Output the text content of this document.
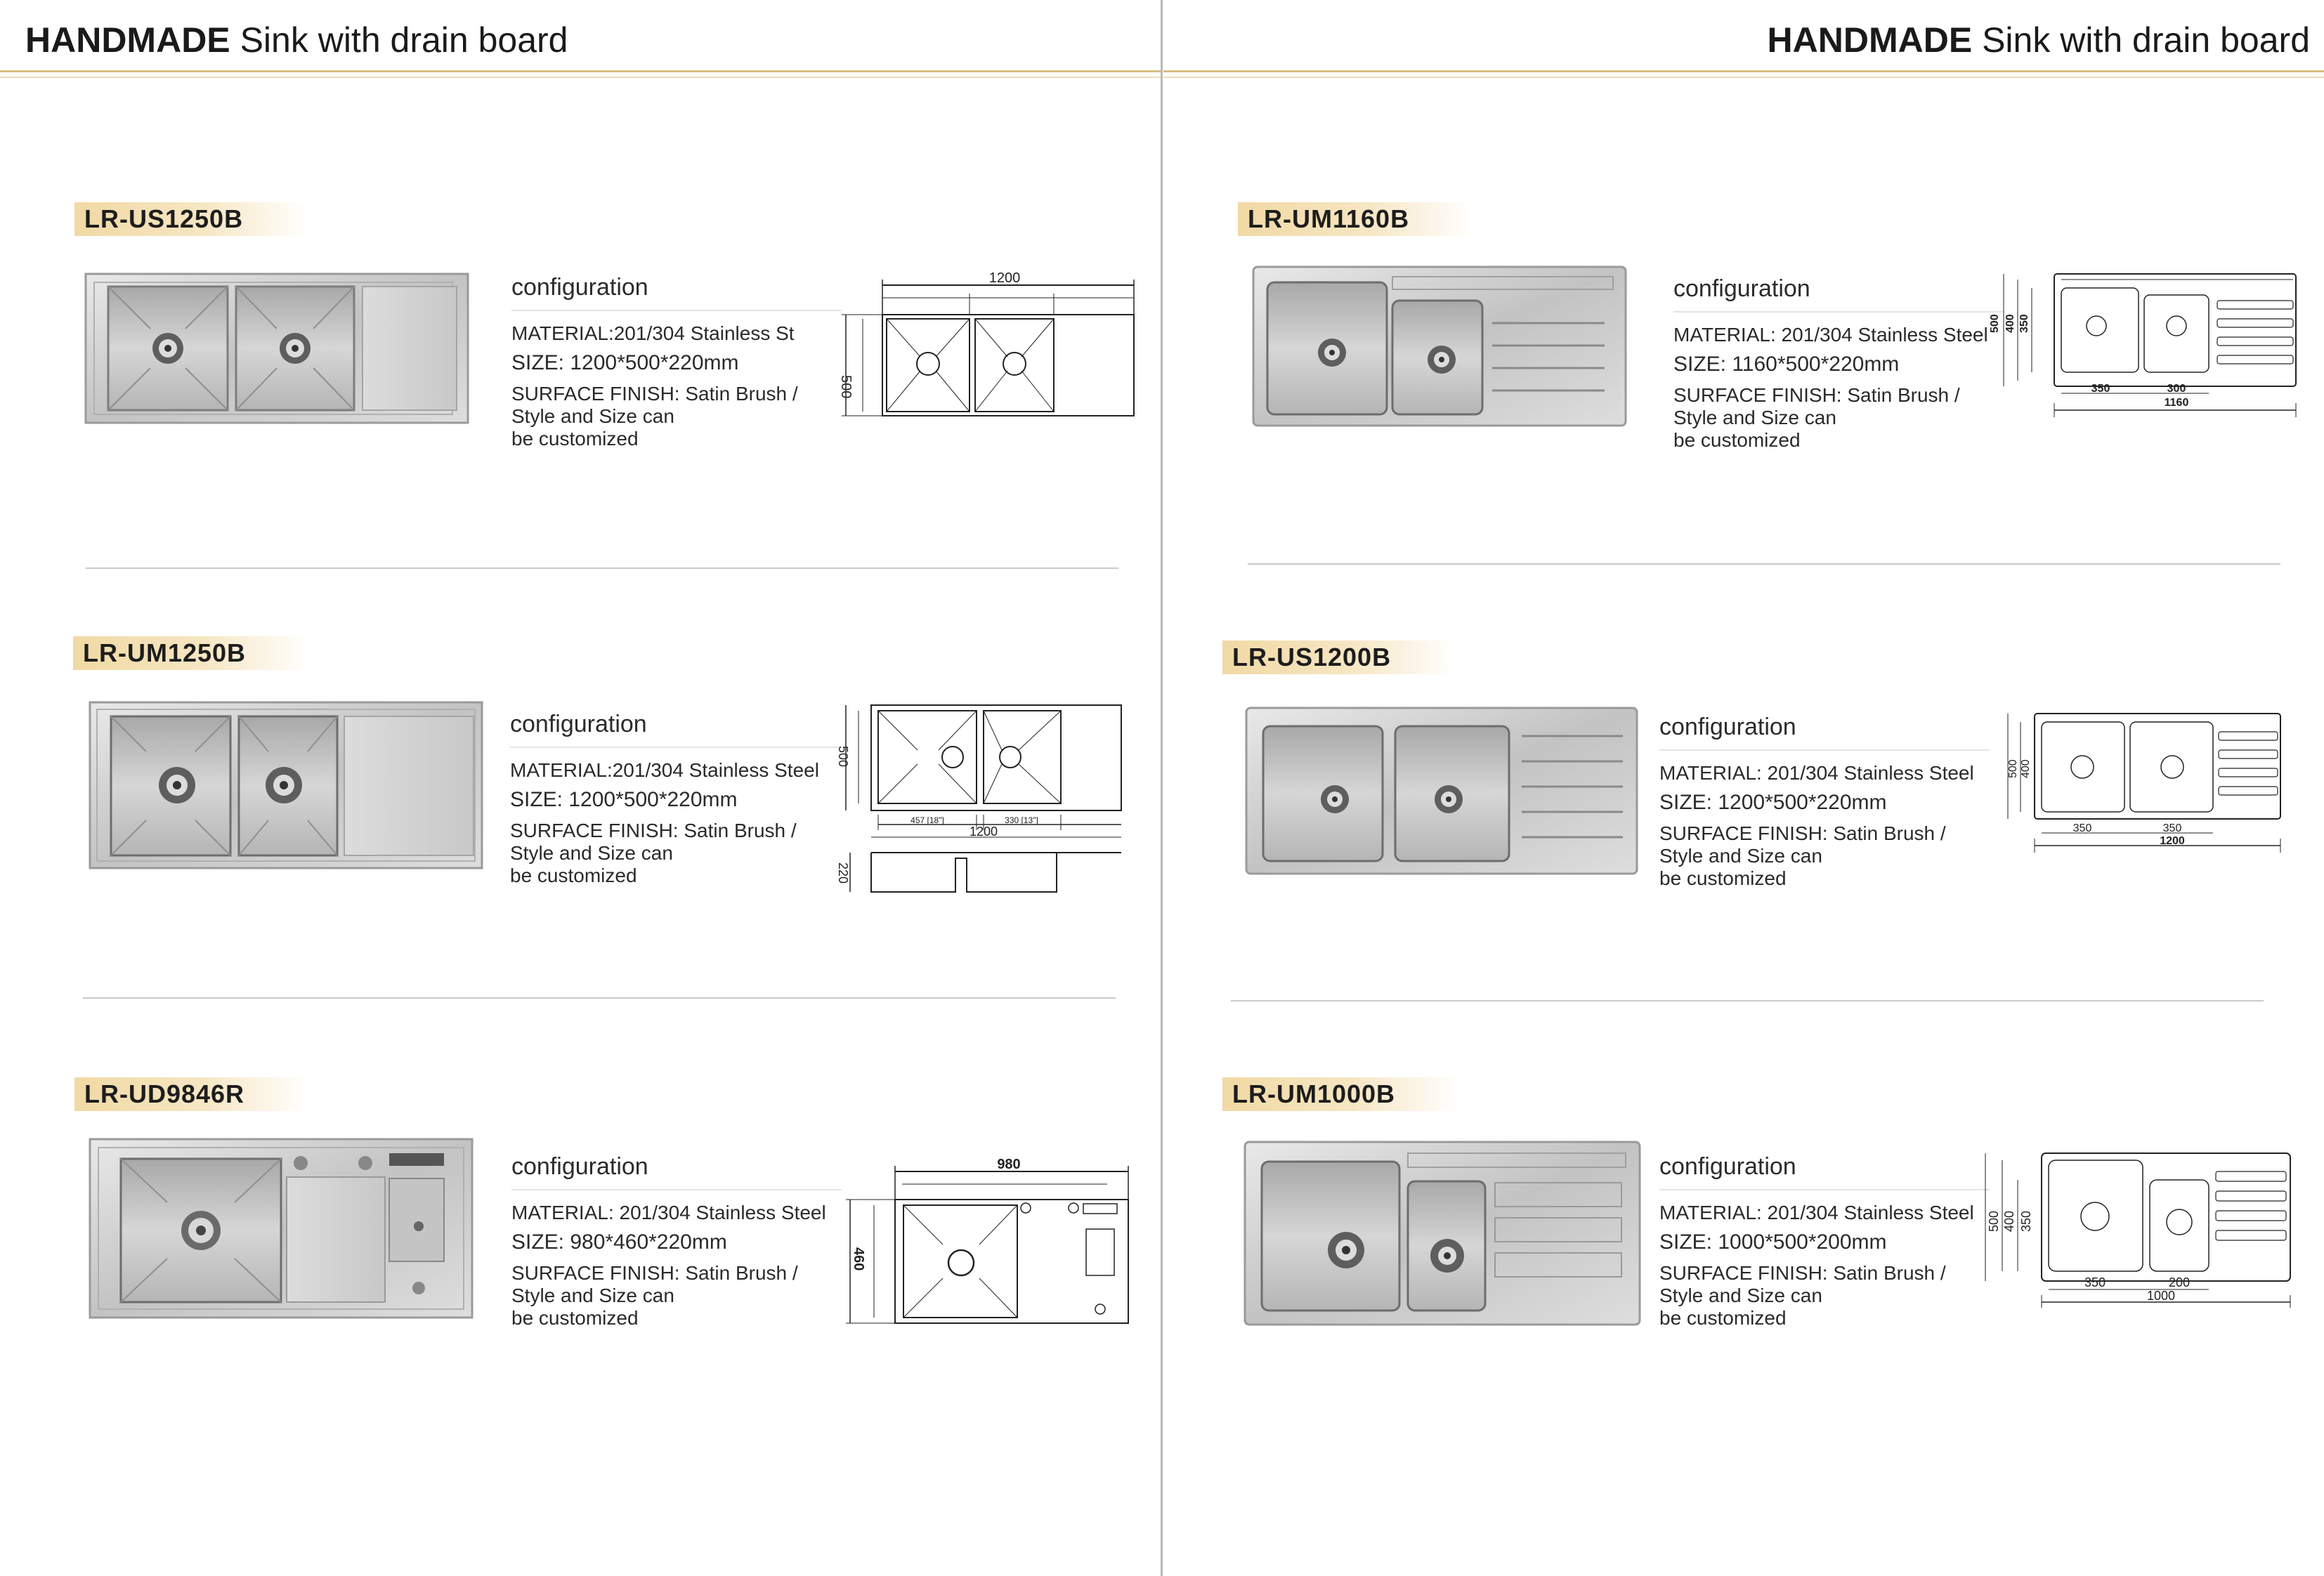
HANDMADE Sink with drain board
LR-US1250B
configuration
MATERIAL:201/304 Stainless St
SIZE: 1200*500*220mm
SURFACE FINISH: Satin Brush /
Style and Size can
be customized
1200
500
LR-UM1250B
configuration
MATERIAL:201/304 Stainless Steel
SIZE: 1200*500*220mm
SURFACE FINISH: Satin Brush /
Style and Size can
be customized
500
457 [18"]	330 [13"]
1200
220
LR-UD9846R
configuration
MATERIAL: 201/304 Stainless Steel
SIZE: 980*460*220mm
SURFACE FINISH: Satin Brush /
Style and Size can
be customized
980
460
HANDMADE Sink with drain board
LR-UM1160B
configuration
MATERIAL: 201/304 Stainless Steel
SIZE: 1160*500*220mm
SURFACE FINISH: Satin Brush /
Style and Size can
be customized
500 400 350
350	300
1160
LR-US1200B
configuration
MATERIAL: 201/304 Stainless Steel
SIZE: 1200*500*220mm
SURFACE FINISH: Satin Brush /
Style and Size can
be customized
500 400
350	350
1200
LR-UM1000B
configuration
MATERIAL: 201/304 Stainless Steel
SIZE: 1000*500*200mm
SURFACE FINISH: Satin Brush /
Style and Size can
be customized
500 400 350
350	200
1000
